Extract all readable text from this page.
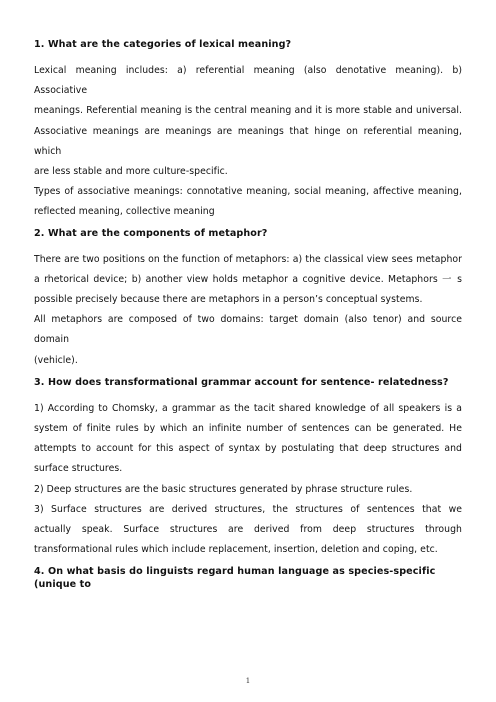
1. What are the categories of lexical meaning?

Lexical meaning includes: a) referential meaning (also denotative meaning). b) Associative
meanings. Referential meaning is the central meaning and it is more stable and universal.
Associative meanings are meanings are meanings that hinge on referential meaning, which
are less stable and more culture-specific.

Types of associative meanings: connotative meaning, social meaning, affective meaning,
reflected meaning, collective meaning

2. What are the components of metaphor?

There are two positions on the function of metaphors: a) the classical view sees metaphor
a rhetorical device; b) another view holds metaphor a cognitive device. Metaphors 一 s
possible precisely because there are metaphors in a person’s conceptual systems.

All metaphors are composed of two domains: target domain (also tenor) and source domain
(vehicle).

3. How does transformational grammar account for sentence- relatedness?

1) According to Chomsky, a grammar as the tacit shared knowledge of all speakers is a
system of finite rules by which an infinite number of sentences can be generated. He
attempts to account for this aspect of syntax by postulating that deep structures and
surface structures.

2) Deep structures are the basic structures generated by phrase structure rules.

3) Surface structures are derived structures, the structures of sentences that we
actually speak. Surface structures are derived from deep structures through
transformational rules which include replacement, insertion, deletion and coping, etc.

4. On what basis do linguists regard human language as species-specific (unique to
1
